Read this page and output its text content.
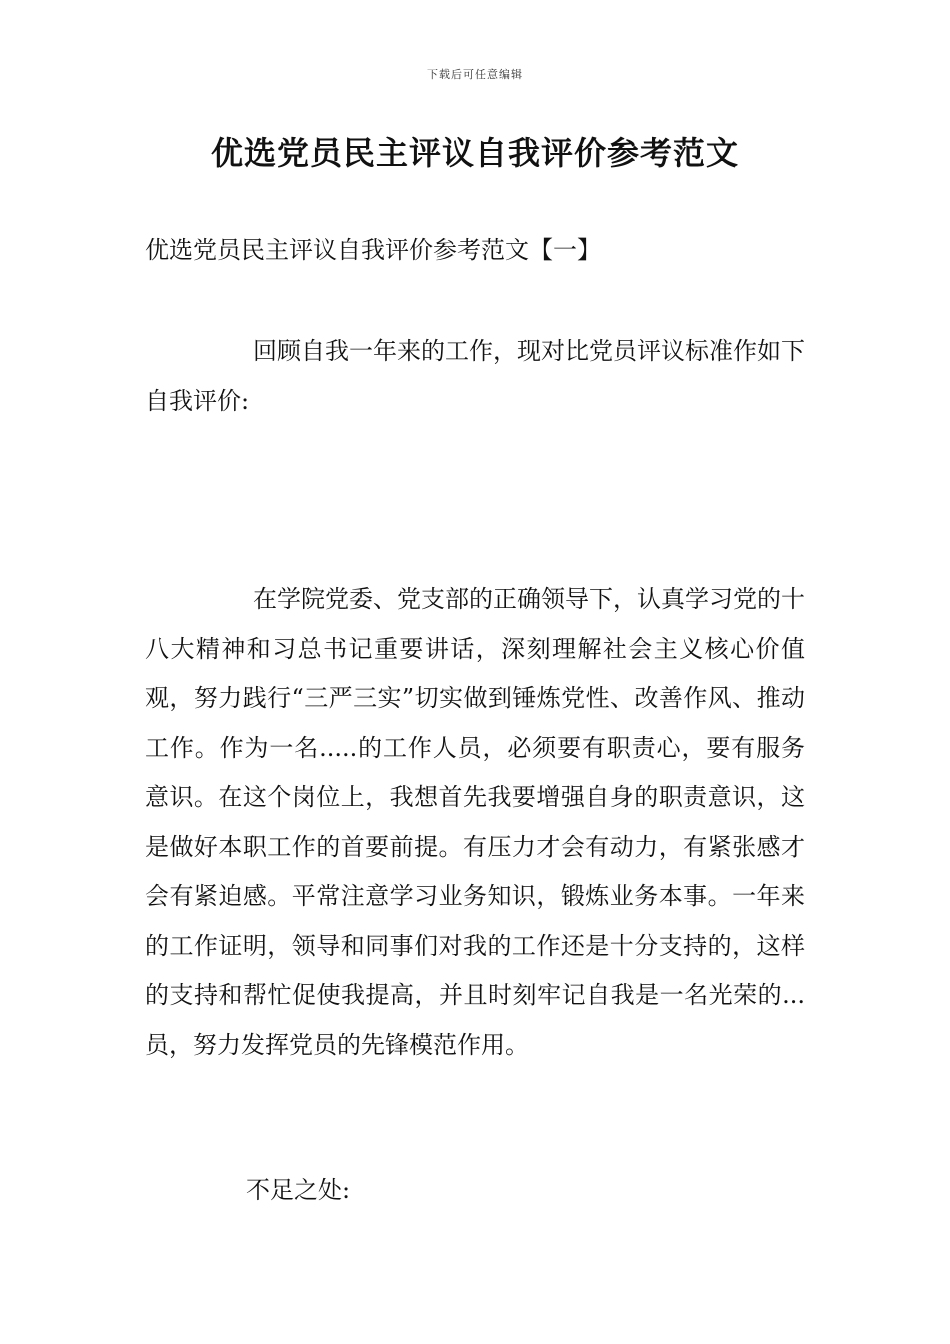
下载后可任意编辑
优选党员民主评议自我评价参考范文
优选党员民主评议自我评价参考范文【一】

回顾自我一年来的工作，现对比党员评议标准作如下自我评价:

在学院党委、党支部的正确领导下，认真学习党的十八大精神和习总书记重要讲话，深刻理解社会主义核心价值观，努力践行“三严三实”切实做到锤炼党性、改善作风、推动工作。作为一名.....的工作人员，必须要有职责心，要有服务意识。在这个岗位上，我想首先我要增强自身的职责意识，这是做好本职工作的首要前提。有压力才会有动力，有紧张感才会有紧迫感。平常注意学习业务知识，锻炼业务本事。一年来的工作证明，领导和同事们对我的工作还是十分支持的，这样的支持和帮忙促使我提高，并且时刻牢记自我是一名光荣的...员，努力发挥党员的先锋模范作用。

不足之处:
